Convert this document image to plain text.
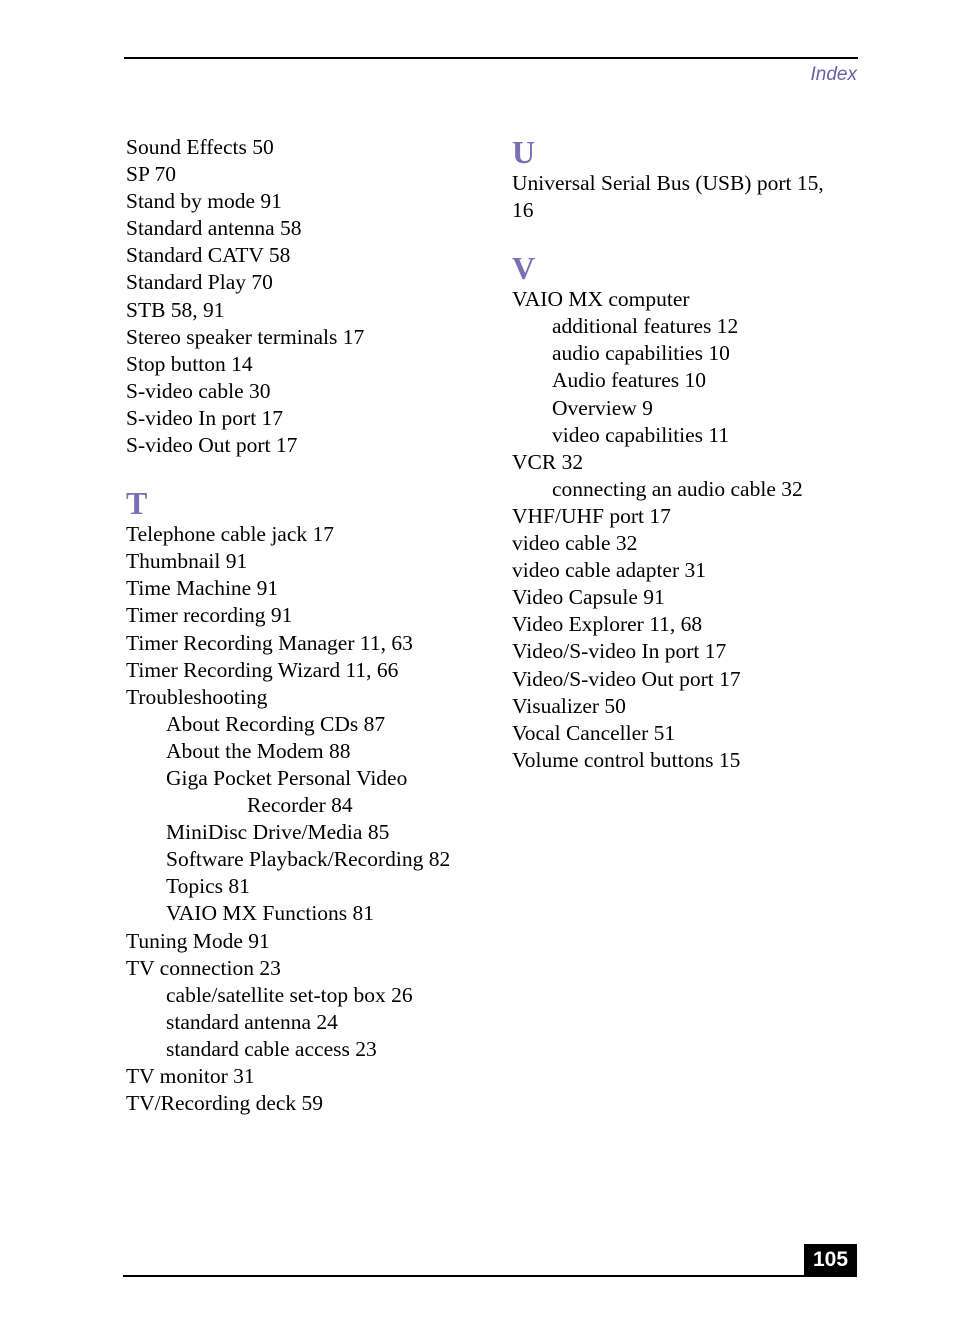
Index
Sound Effects 50
SP 70
Stand by mode 91
Standard antenna 58
Standard CATV 58
Standard Play 70
STB 58, 91
Stereo speaker terminals 17
Stop button 14
S-video cable 30
S-video In port 17
S-video Out port 17
T
Telephone cable jack 17
Thumbnail 91
Time Machine 91
Timer recording 91
Timer Recording Manager 11, 63
Timer Recording Wizard 11, 66
Troubleshooting
About Recording CDs 87
About the Modem 88
Giga Pocket Personal Video
Recorder 84
MiniDisc Drive/Media 85
Software Playback/Recording 82
Topics 81
VAIO MX Functions 81
Tuning Mode 91
TV connection 23
cable/satellite set-top box 26
standard antenna 24
standard cable access 23
TV monitor 31
TV/Recording deck 59
U
Universal Serial Bus (USB) port 15,
16
V
VAIO MX computer
additional features 12
audio capabilities 10
Audio features 10
Overview 9
video capabilities 11
VCR 32
connecting an audio cable 32
VHF/UHF port 17
video cable 32
video cable adapter 31
Video Capsule 91
Video Explorer 11, 68
Video/S-video In port 17
Video/S-video Out port 17
Visualizer 50
Vocal Canceller 51
Volume control buttons 15
105
